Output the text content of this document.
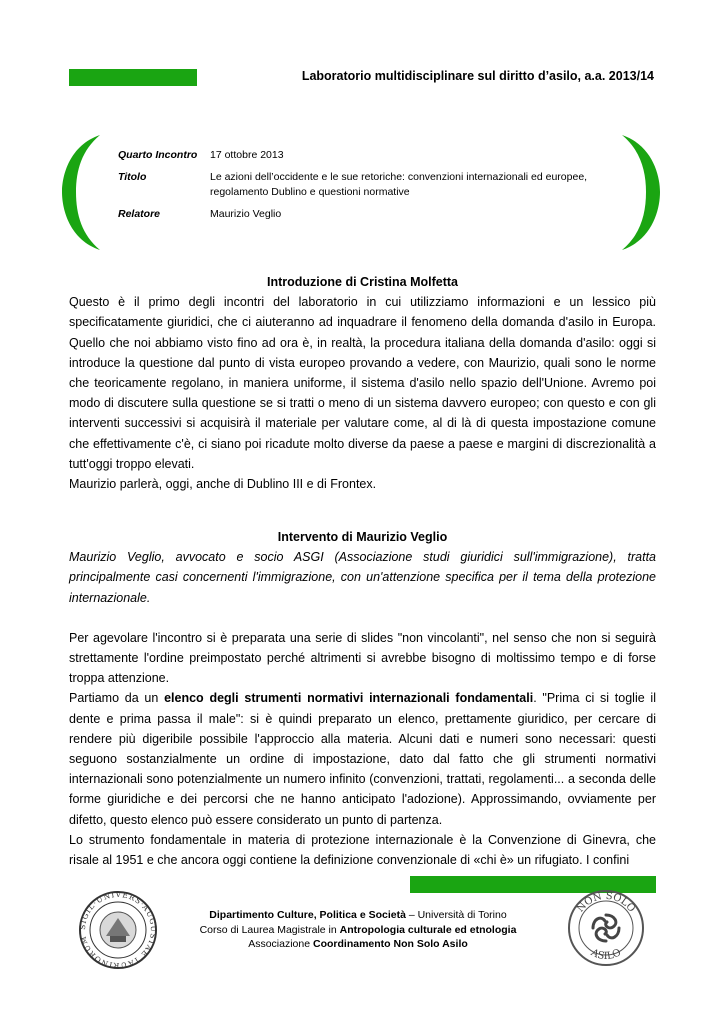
Laboratorio multidisciplinare sul diritto d’asilo, a.a. 2013/14
Quarto Incontro	17 ottobre 2013
Titolo	Le azioni dell’occidente e le sue retoriche: convenzioni internazionali ed europee, regolamento Dublino e questioni normative
Relatore	Maurizio Veglio

Introduzione di Cristina Molfetta

Questo è il primo degli incontri del laboratorio in cui utilizziamo informazioni e un lessico più specificatamente giuridici, che ci aiuteranno ad inquadrare il fenomeno della domanda d'asilo in Europa. Quello che noi abbiamo visto fino ad ora è, in realtà, la procedura italiana della domanda d'asilo: oggi si introduce la questione dal punto di vista europeo provando a vedere, con Maurizio, quali sono le norme che teoricamente regolano, in maniera uniforme, il sistema d'asilo nello spazio dell'Unione. Avremo poi modo di discutere sulla questione se si tratti o meno di un sistema davvero europeo; con questo e con gli interventi successivi si acquisirà il materiale per valutare come, al di là di questa impostazione comune che effettivamente c'è, ci siano poi ricadute molto diverse da paese a paese e margini di discrezionalità a tutt'oggi troppo elevati.

Maurizio parlerà, oggi, anche di Dublino III e di Frontex.

Intervento di Maurizio Veglio

Maurizio Veglio, avvocato e socio ASGI (Associazione studi giuridici sull'immigrazione), tratta principalmente casi concernenti l'immigrazione, con un'attenzione specifica per il tema della protezione internazionale.

Per agevolare l'incontro si è preparata una serie di slides "non vincolanti", nel senso che non si seguirà strettamente l'ordine preimpostato perché altrimenti si avrebbe bisogno di moltissimo tempo e di forse troppa attenzione.

Partiamo da un elenco degli strumenti normativi internazionali fondamentali. "Prima ci si toglie il dente e prima passa il male": si è quindi preparato un elenco, prettamente giuridico, per cercare di rendere più digeribile possibile l'approccio alla materia. Alcuni dati e numeri sono necessari: questi seguono sostanzialmente un ordine di impostazione, dato dal fatto che gli strumenti normativi internazionali sono potenzialmente un numero infinito (convenzioni, trattati, regolamenti... a seconda delle forme giuridiche e dei percorsi che ne hanno anticipato l'adozione). Approssimando, ovviamente per difetto, questo elenco può essere considerato un punto di partenza.

Lo strumento fondamentale in materia di protezione internazionale è la Convenzione di Ginevra, che risale al 1951 e che ancora oggi contiene la definizione convenzionale di «chi è» un rifugiato. I confini

SIGIL·UNIVERS·AUGUSTAE TAURINORUM
Dipartimento Culture, Politica e Società – Università di Torino
Corso di Laurea Magistrale in Antropologia culturale ed etnologia
Associazione Coordinamento Non Solo Asilo
NON SOLO
ASILO
